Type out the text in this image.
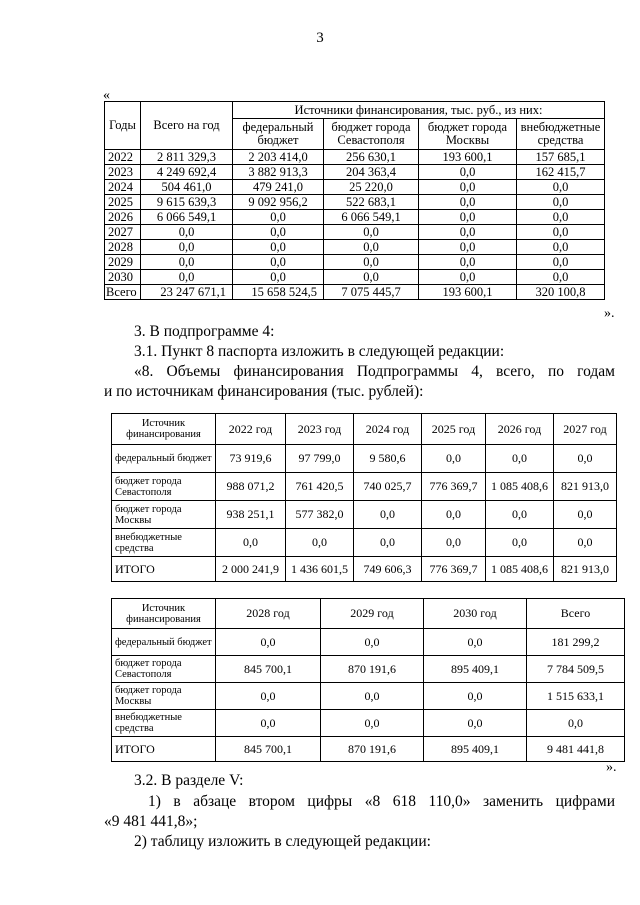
3
«
Годы	Всего на год	Источники финансирования, тыс. руб., из них:			
		федеральный бюджет	бюджет города Севастополя	бюджет города Москвы	внебюджетные средства
2022	2 811 329,3	2 203 414,0	256 630,1	193 600,1	157 685,1
2023	4 249 692,4	3 882 913,3	204 363,4	0,0	162 415,7
2024	504 461,0	479 241,0	25 220,0	0,0	0,0
2025	9 615 639,3	9 092 956,2	522 683,1	0,0	0,0
2026	6 066 549,1	0,0	6 066 549,1	0,0	0,0
2027	0,0	0,0	0,0	0,0	0,0
2028	0,0	0,0	0,0	0,0	0,0
2029	0,0	0,0	0,0	0,0	0,0
2030	0,0	0,0	0,0	0,0	0,0
Всего	23 247 671,1	15 658 524,5	7 075 445,7	193 600,1	320 100,8
».
3. В подпрограмме 4:
3.1. Пункт 8 паспорта изложить в следующей редакции:
«8. Объемы финансирования Подпрограммы 4, всего, по годам
и по источникам финансирования (тыс. рублей):
Источник финансирования	2022 год	2023 год	2024 год	2025 год	2026 год	2027 год
федеральный бюджет	73 919,6	97 799,0	9 580,6	0,0	0,0	0,0
бюджет города Севастополя	988 071,2	761 420,5	740 025,7	776 369,7	1 085 408,6	821 913,0
бюджет города Москвы	938 251,1	577 382,0	0,0	0,0	0,0	0,0
внебюджетные средства	0,0	0,0	0,0	0,0	0,0	0,0
ИТОГО	2 000 241,9	1 436 601,5	749 606,3	776 369,7	1 085 408,6	821 913,0
Источник финансирования	2028 год	2029 год	2030 год	Всего
федеральный бюджет	0,0	0,0	0,0	181 299,2
бюджет города Севастополя	845 700,1	870 191,6	895 409,1	7 784 509,5
бюджет города Москвы	0,0	0,0	0,0	1 515 633,1
внебюджетные средства	0,0	0,0	0,0	0,0
ИТОГО	845 700,1	870 191,6	895 409,1	9 481 441,8
».
3.2. В разделе V:
1) в абзаце втором цифры «8 618 110,0» заменить цифрами
«9 481 441,8»;
2) таблицу изложить в следующей редакции:
